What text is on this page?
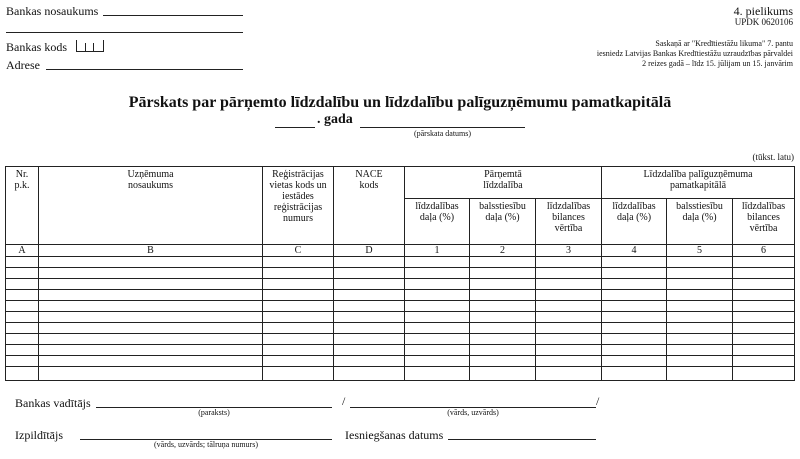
Bankas nosaukums
Bankas kods
Adrese
4. pielikums
UPDK 0620106
Saskaņā ar "Kredītiestāžu likuma" 7. pantu
iesniedz Latvijas Bankas Kredītiestāžu uzraudzības pārvaldei
2 reizes gadā – līdz 15. jūlijam un 15. janvārim
Pārskats par pārņemto līdzdalību un līdzdalību palīguzņēmumu pamatkapitālā
. gada
(pārskata datums)
(tūkst. latu)
Nr. p.k.	Uzņēmuma nosaukums	Reģistrācijas vietas kods un iestādes reģistrācijas numurs	NACE kods	Pārņemtā līdzdalība			Līdzdalība palīguzņēmuma pamatkapitālā		

				līdzdalības daļa (%)	balsstiesību daļa (%)	līdzdalības bilances vērtība	līdzdalības daļa (%)	balsstiesību daļa (%)	līdzdalības bilances vērtība

A	B	C	D	1	2	3	4	5	6

Bankas vadītājs
(paraksts)
/	/
(vārds, uzvārds)
Izpildītājs
(vārds, uzvārds; tālruņa numurs)
Iesniegšanas datums
